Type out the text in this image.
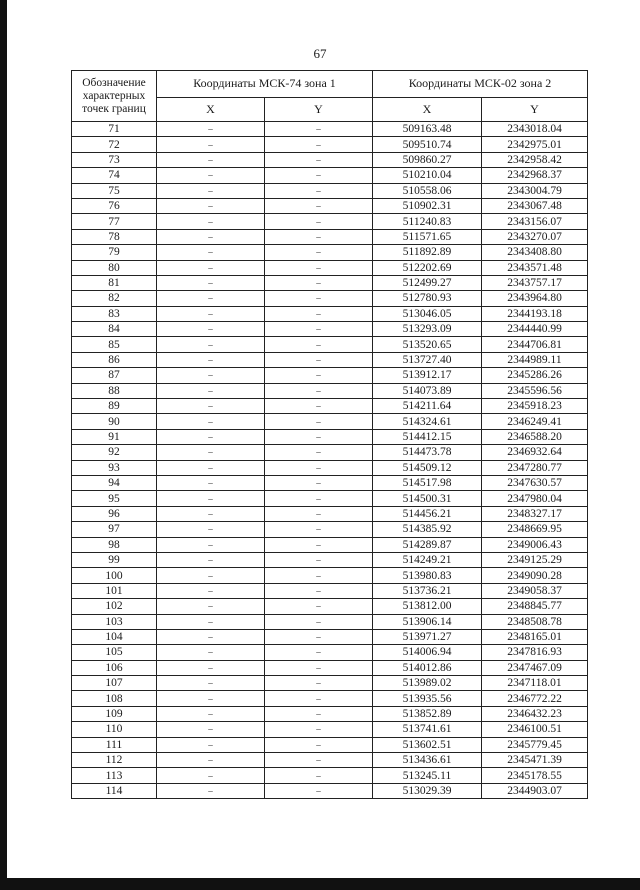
67
Обозначение характерных точек границ	Координаты МСК-74 зона 1		Координаты МСК-02 зона 2	
	X	Y	X	Y
71	–	–	509163.48	2343018.04
72	–	–	509510.74	2342975.01
73	–	–	509860.27	2342958.42
74	–	–	510210.04	2342968.37
75	–	–	510558.06	2343004.79
76	–	–	510902.31	2343067.48
77	–	–	511240.83	2343156.07
78	–	–	511571.65	2343270.07
79	–	–	511892.89	2343408.80
80	–	–	512202.69	2343571.48
81	–	–	512499.27	2343757.17
82	–	–	512780.93	2343964.80
83	–	–	513046.05	2344193.18
84	–	–	513293.09	2344440.99
85	–	–	513520.65	2344706.81
86	–	–	513727.40	2344989.11
87	–	–	513912.17	2345286.26
88	–	–	514073.89	2345596.56
89	–	–	514211.64	2345918.23
90	–	–	514324.61	2346249.41
91	–	–	514412.15	2346588.20
92	–	–	514473.78	2346932.64
93	–	–	514509.12	2347280.77
94	–	–	514517.98	2347630.57
95	–	–	514500.31	2347980.04
96	–	–	514456.21	2348327.17
97	–	–	514385.92	2348669.95
98	–	–	514289.87	2349006.43
99	–	–	514249.21	2349125.29
100	–	–	513980.83	2349090.28
101	–	–	513736.21	2349058.37
102	–	–	513812.00	2348845.77
103	–	–	513906.14	2348508.78
104	–	–	513971.27	2348165.01
105	–	–	514006.94	2347816.93
106	–	–	514012.86	2347467.09
107	–	–	513989.02	2347118.01
108	–	–	513935.56	2346772.22
109	–	–	513852.89	2346432.23
110	–	–	513741.61	2346100.51
111	–	–	513602.51	2345779.45
112	–	–	513436.61	2345471.39
113	–	–	513245.11	2345178.55
114	–	–	513029.39	2344903.07
